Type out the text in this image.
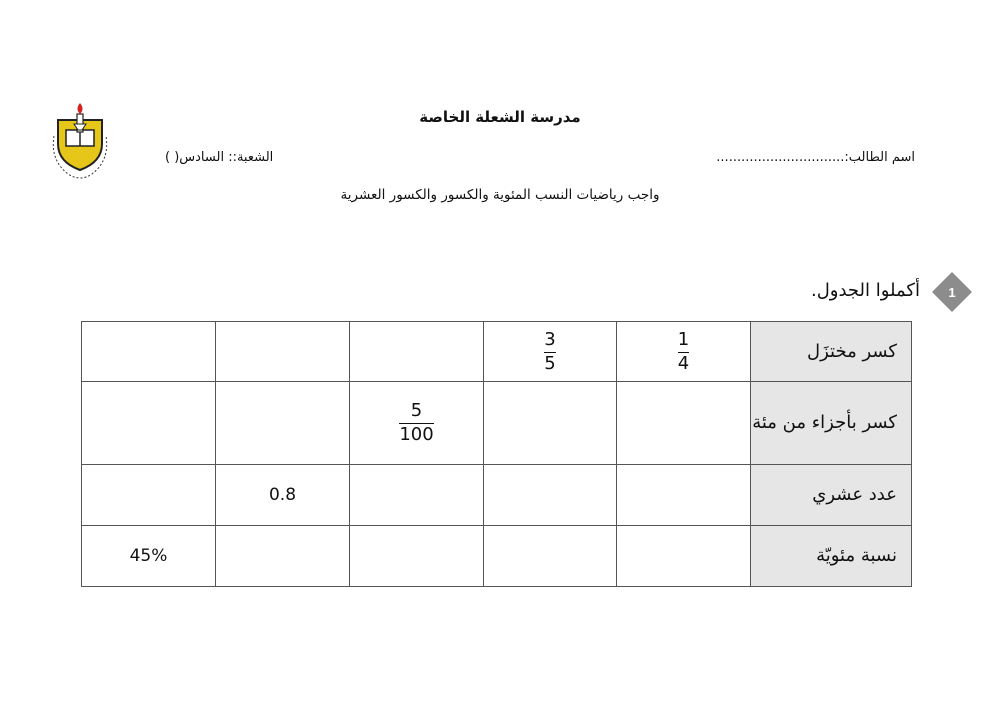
مدرسة الشعلة الخاصة
اسم الطالب:...............................
الشعبة:: السادس( )
واجب رياضيات النسب المئوية والكسور والكسور العشرية
1
أكملوا الجدول.

			$\frac{3}{5}$	$\frac{1}{4}$	كسر مختزَل

		$\frac{5}{100}$			كسر بأجزاء من مئة
	0.8				عدد عشري
45%					نسبة مئويّة
